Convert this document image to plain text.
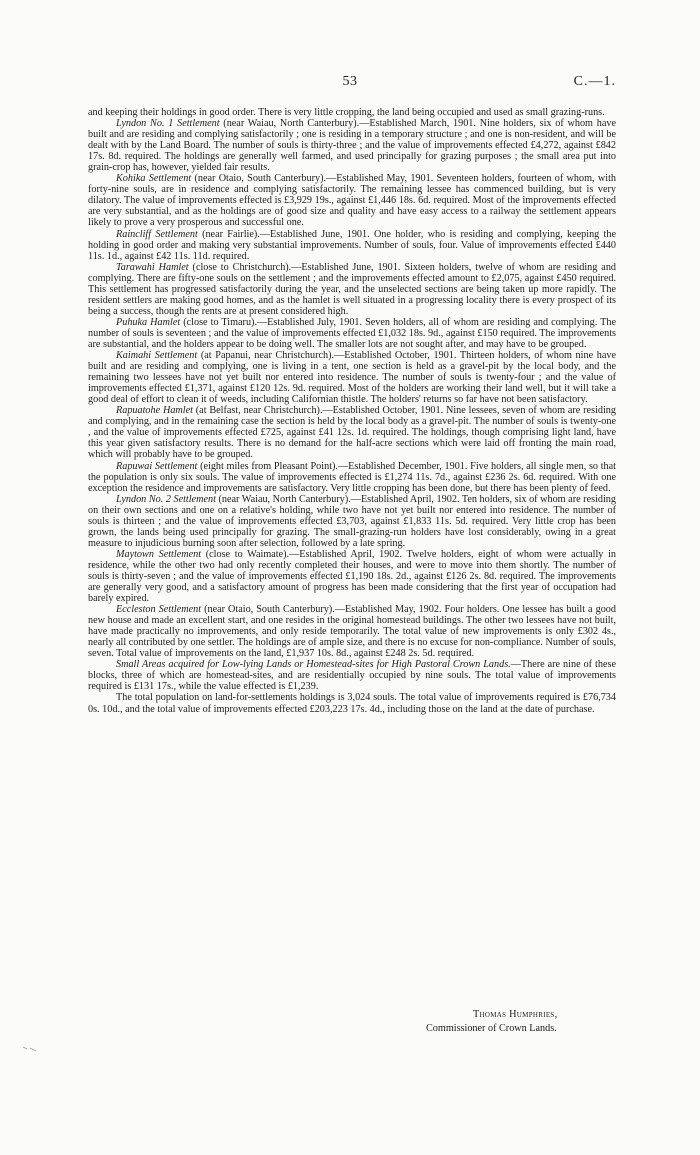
53	C.—1.

and keeping their holdings in good order. There is very little cropping, the land being occupied and used as small grazing-runs.

Lyndon No. 1 Settlement (near Waiau, North Canterbury).—Established March, 1901. Nine holders, six of whom have built and are residing and complying satisfactorily ; one is residing in a temporary structure ; and one is non-resident, and will be dealt with by the Land Board. The number of souls is thirty-three ; and the value of improvements effected £4,272, against £842 17s. 8d. required. The holdings are generally well farmed, and used principally for grazing purposes ; the small area put into grain-crop has, however, yielded fair results.

Kohika Settlement (near Otaio, South Canterbury).—Established May, 1901. Seventeen holders, fourteen of whom, with forty-nine souls, are in residence and complying satisfactorily. The remaining lessee has commenced building, but is very dilatory. The value of improvements effected is £3,929 19s., against £1,446 18s. 6d. required. Most of the improvements effected are very substantial, and as the holdings are of good size and quality and have easy access to a railway the settlement appears likely to prove a very prosperous and successful one.

Raincliff Settlement (near Fairlie).—Established June, 1901. One holder, who is residing and complying, keeping the holding in good order and making very substantial improvements. Number of souls, four. Value of improvements effected £440 11s. 1d., against £42 11s. 11d. required.

Tarawahi Hamlet (close to Christchurch).—Established June, 1901. Sixteen holders, twelve of whom are residing and complying. There are fifty-one souls on the settlement ; and the improvements effected amount to £2,075, against £450 required. This settlement has progressed satisfactorily during the year, and the unselected sections are being taken up more rapidly. The resident settlers are making good homes, and as the hamlet is well situated in a progressing locality there is every prospect of its being a success, though the rents are at present considered high.

Puhuka Hamlet (close to Timaru).—Established July, 1901. Seven holders, all of whom are residing and complying. The number of souls is seventeen ; and the value of improvements effected £1,032 18s. 9d., against £150 required. The improvements are substantial, and the holders appear to be doing well. The smaller lots are not sought after, and may have to be grouped.

Kaimahi Settlement (at Papanui, near Christchurch).—Established October, 1901. Thirteen holders, of whom nine have built and are residing and complying, one is living in a tent, one section is held as a gravel-pit by the local body, and the remaining two lessees have not yet built nor entered into residence. The number of souls is twenty-four ; and the value of improvements effected £1,371, against £120 12s. 9d. required. Most of the holders are working their land well, but it will take a good deal of effort to clean it of weeds, including Californian thistle. The holders' returns so far have not been satisfactory.

Rapuatohe Hamlet (at Belfast, near Christchurch).—Established October, 1901. Nine lessees, seven of whom are residing and complying, and in the remaining case the section is held by the local body as a gravel-pit. The number of souls is twenty-one , and the value of improvements effected £725, against £41 12s. 1d. required. The holdings, though comprising light land, have this year given satisfactory results. There is no demand for the half-acre sections which were laid off fronting the main road, which will probably have to be grouped.

Rapuwai Settlement (eight miles from Pleasant Point).—Established December, 1901. Five holders, all single men, so that the population is only six souls. The value of improvements effected is £1,274 11s. 7d., against £236 2s. 6d. required. With one exception the residence and improvements are satisfactory. Very little cropping has been done, but there has been plenty of feed.

Lyndon No. 2 Settlement (near Waiau, North Canterbury).—Established April, 1902. Ten holders, six of whom are residing on their own sections and one on a relative's holding, while two have not yet built nor entered into residence. The number of souls is thirteen ; and the value of improvements effected £3,703, against £1,833 11s. 5d. required. Very little crop has been grown, the lands being used principally for grazing. The small-grazing-run holders have lost considerably, owing in a great measure to injudicious burning soon after selection, followed by a late spring.

Maytown Settlement (close to Waimate).—Established April, 1902. Twelve holders, eight of whom were actually in residence, while the other two had only recently completed their houses, and were to move into them shortly. The number of souls is thirty-seven ; and the value of improvements effected £1,190 18s. 2d., against £126 2s. 8d. required. The improvements are generally very good, and a satisfactory amount of progress has been made considering that the first year of occupation had barely expired.

Eccleston Settlement (near Otaio, South Canterbury).—Established May, 1902. Four holders. One lessee has built a good new house and made an excellent start, and one resides in the original homestead buildings. The other two lessees have not built, have made practically no improvements, and only reside temporarily. The total value of new improvements is only £302 4s., nearly all contributed by one settler. The holdings are of ample size, and there is no excuse for non-compliance. Number of souls, seven. Total value of improvements on the land, £1,937 10s. 8d., against £248 2s. 5d. required.

Small Areas acquired for Low-lying Lands or Homestead-sites for High Pastoral Crown Lands.—There are nine of these blocks, three of which are homestead-sites, and are residentially occupied by nine souls. The total value of improvements required is £131 17s., while the value effected is £1,239.

The total population on land-for-settlements holdings is 3,024 souls. The total value of improvements required is £76,734 0s. 10d., and the total value of improvements effected £203,223 17s. 4d., including those on the land at the date of purchase.

Thomas Humphries,
Commissioner of Crown Lands.
